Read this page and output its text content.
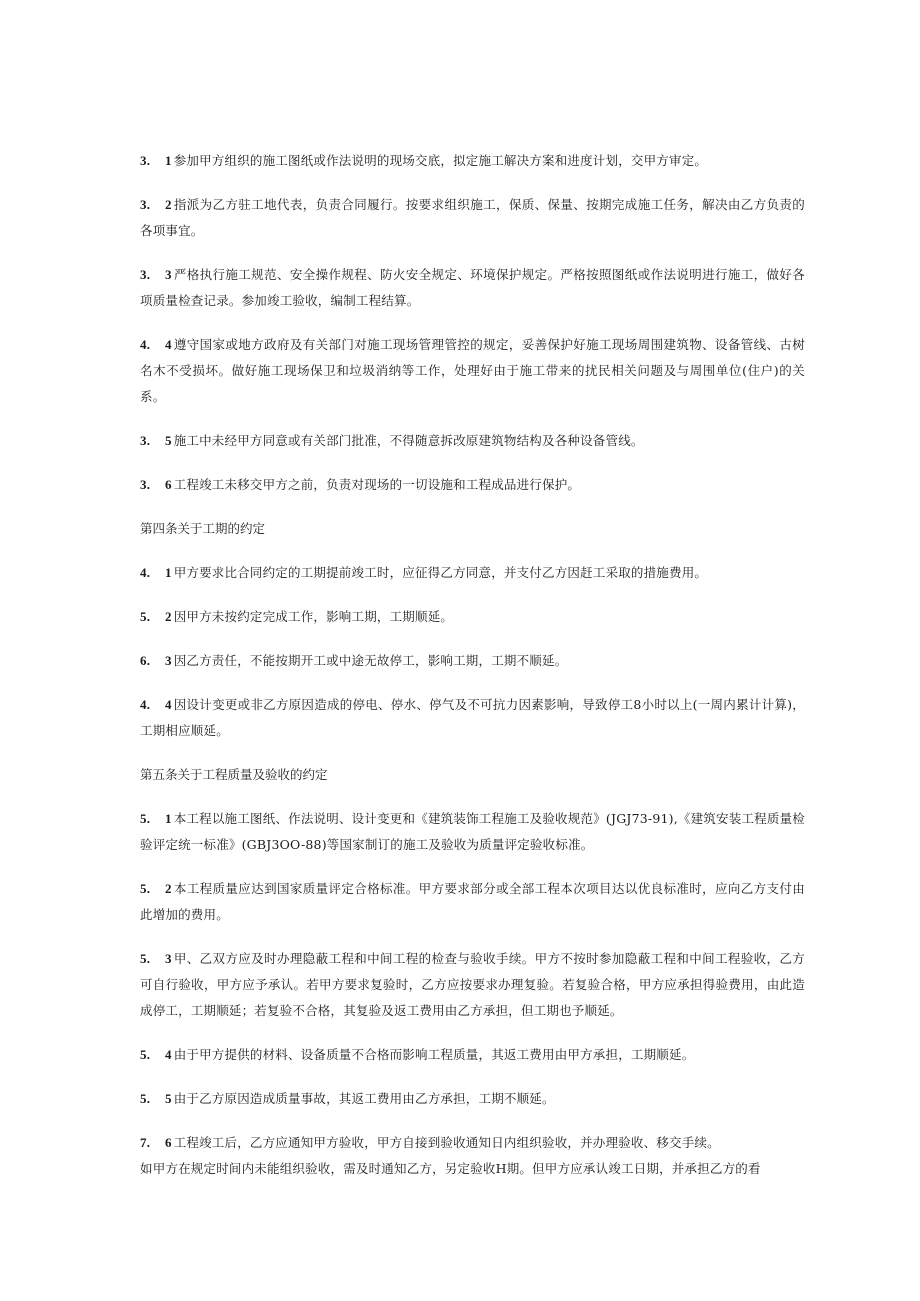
3. 1 参加甲方组织的施工图纸或作法说明的现场交底，拟定施工解决方案和进度计划，交甲方审定。

3. 2 指派为乙方驻工地代表，负责合同履行。按要求组织施工，保质、保量、按期完成施工任务，解决由乙方负责的各项事宜。

3. 3 严格执行施工规范、安全操作规程、防火安全规定、环境保护规定。严格按照图纸或作法说明进行施工，做好各项质量检查记录。参加竣工验收，编制工程结算。

4. 4 遵守国家或地方政府及有关部门对施工现场管理管控的规定，妥善保护好施工现场周围建筑物、设备管线、古树名木不受损坏。做好施工现场保卫和垃圾消纳等工作，处理好由于施工带来的扰民相关问题及与周围单位(住户)的关系。

3. 5 施工中未经甲方同意或有关部门批准，不得随意拆改原建筑物结构及各种设备管线。

3. 6 工程竣工未移交甲方之前，负责对现场的一切设施和工程成品进行保护。

第四条关于工期的约定

4. 1 甲方要求比合同约定的工期提前竣工时，应征得乙方同意，并支付乙方因赶工采取的措施费用。

5. 2 因甲方未按约定完成工作，影响工期，工期顺延。

6. 3 因乙方责任，不能按期开工或中途无故停工，影响工期，工期不顺延。

4. 4 因设计变更或非乙方原因造成的停电、停水、停气及不可抗力因素影响，导致停工8小时以上(一周内累计计算)，工期相应顺延。

第五条关于工程质量及验收的约定

5. 1 本工程以施工图纸、作法说明、设计变更和《建筑装饰工程施工及验收规范》(JGJ73-91),《建筑安装工程质量检验评定统一标准》(GBJ3OO-88)等国家制订的施工及验收为质量评定验收标准。

5. 2 本工程质量应达到国家质量评定合格标准。甲方要求部分或全部工程本次项目达以优良标准时，应向乙方支付由此增加的费用。

5. 3 甲、乙双方应及时办理隐蔽工程和中间工程的检查与验收手续。甲方不按时参加隐蔽工程和中间工程验收，乙方可自行验收，甲方应予承认。若甲方要求复验时，乙方应按要求办理复验。若复验合格，甲方应承担得验费用，由此造成停工，工期顺延；若复验不合格，其复验及返工费用由乙方承担，但工期也予顺延。

5. 4 由于甲方提供的材料、设备质量不合格而影响工程质量，其返工费用由甲方承担，工期顺延。

5. 5 由于乙方原因造成质量事故，其返工费用由乙方承担，工期不顺延。

7. 6 工程竣工后，乙方应通知甲方验收，甲方自接到验收通知日内组织验收，并办理验收、移交手续。

如甲方在规定时间内未能组织验收，需及时通知乙方，另定验收H期。但甲方应承认竣工日期，并承担乙方的看
